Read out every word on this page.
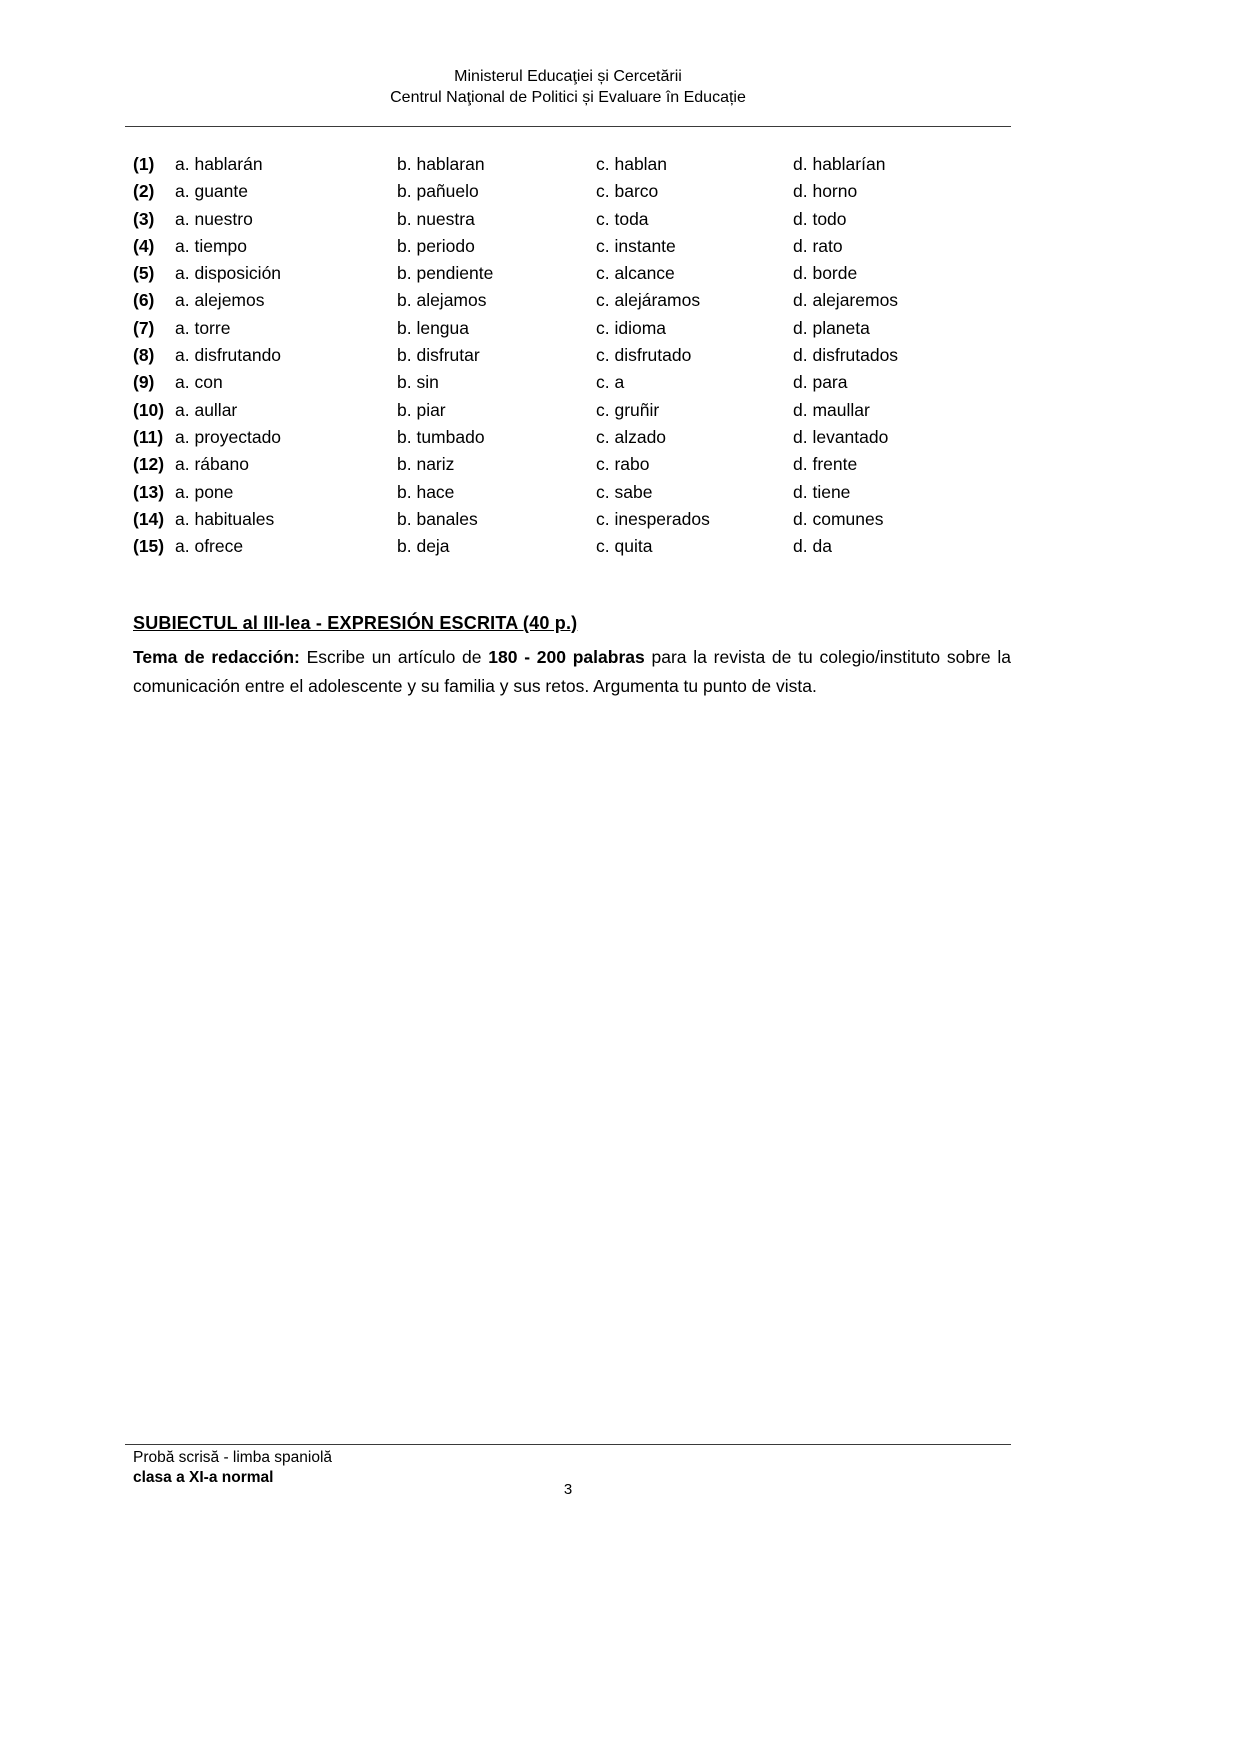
Ministerul Educaţiei și Cercetării
Centrul Naţional de Politici și Evaluare în Educație
(1)	a. hablarán	b. hablaran	c. hablan	d. hablarían
(2)	a. guante	b. pañuelo	c. barco	d. horno
(3)	a. nuestro	b. nuestra	c. toda	d. todo
(4)	a. tiempo	b. periodo	c. instante	d. rato
(5)	a. disposición	b. pendiente	c. alcance	d. borde
(6)	a. alejemos	b. alejamos	c. alejáramos	d. alejaremos
(7)	a. torre	b. lengua	c. idioma	d. planeta
(8)	a. disfrutando	b. disfrutar	c. disfrutado	d. disfrutados
(9)	a. con	b. sin	c. a	d. para
(10) a. aullar	b. piar	c. gruñir	d. maullar
(11) a. proyectado	b. tumbado	c. alzado	d. levantado
(12) a. rábano	b. nariz	c. rabo	d. frente
(13) a. pone	b. hace	c. sabe	d. tiene
(14) a. habituales	b. banales	c. inesperados	d. comunes
(15) a. ofrece	b. deja	c. quita	d. da
SUBIECTUL al III-lea - EXPRESIÓN ESCRITA (40 p.)

Tema de redacción: Escribe un artículo de 180 - 200 palabras para la revista de tu colegio/instituto sobre la comunicación entre el adolescente y su familia y sus retos. Argumenta tu punto de vista.

Probă scrisă - limba spaniolă
clasa a XI-a normal
3
